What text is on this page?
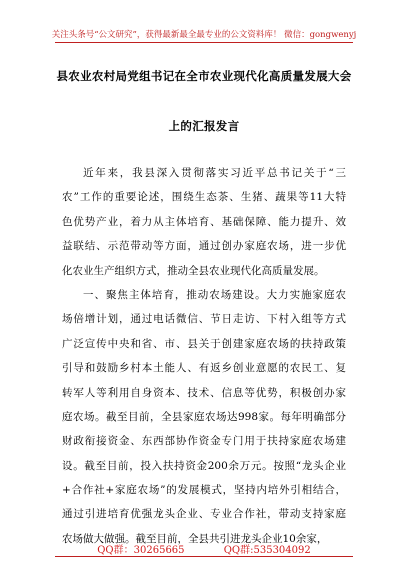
关注头条号“公文研究”，获得最新最全最专业的公文资料库！ 微信：gongwenyj
县农业农村局党组书记在全市农业现代化高质量发展大会
上的汇报发言
近年来，我县深入贯彻落实习近平总书记关于“三
农”工作的重要论述，围绕生态茶、生猪、蔬果等11大特
色优势产业，着力从主体培育、基础保障、能力提升、效
益联结、示范带动等方面，通过创办家庭农场，进一步优
化农业生产组织方式，推动全县农业现代化高质量发展。
一、聚焦主体培育，推动农场建设。大力实施家庭农
场倍增计划，通过电话微信、节日走访、下村入组等方式
广泛宣传中央和省、市、县关于创建家庭农场的扶持政策
引导和鼓励乡村本土能人、有返乡创业意愿的农民工、复
转军人等利用自身资本、技术、信息等优势，积极创办家
庭农场。截至目前，全县家庭农场达998家。每年明确部分
财政衔接资金、东西部协作资金专门用于扶持家庭农场建
设。截至目前，投入扶持资金200余万元。按照“龙头企业
+合作社+家庭农场”的发展模式，坚持内培外引相结合，
通过引进培育优强龙头企业、专业合作社，带动支持家庭
农场做大做强。截至目前，全县共引进龙头企业10余家，
QQ群：30265665	QQ群:535304092
